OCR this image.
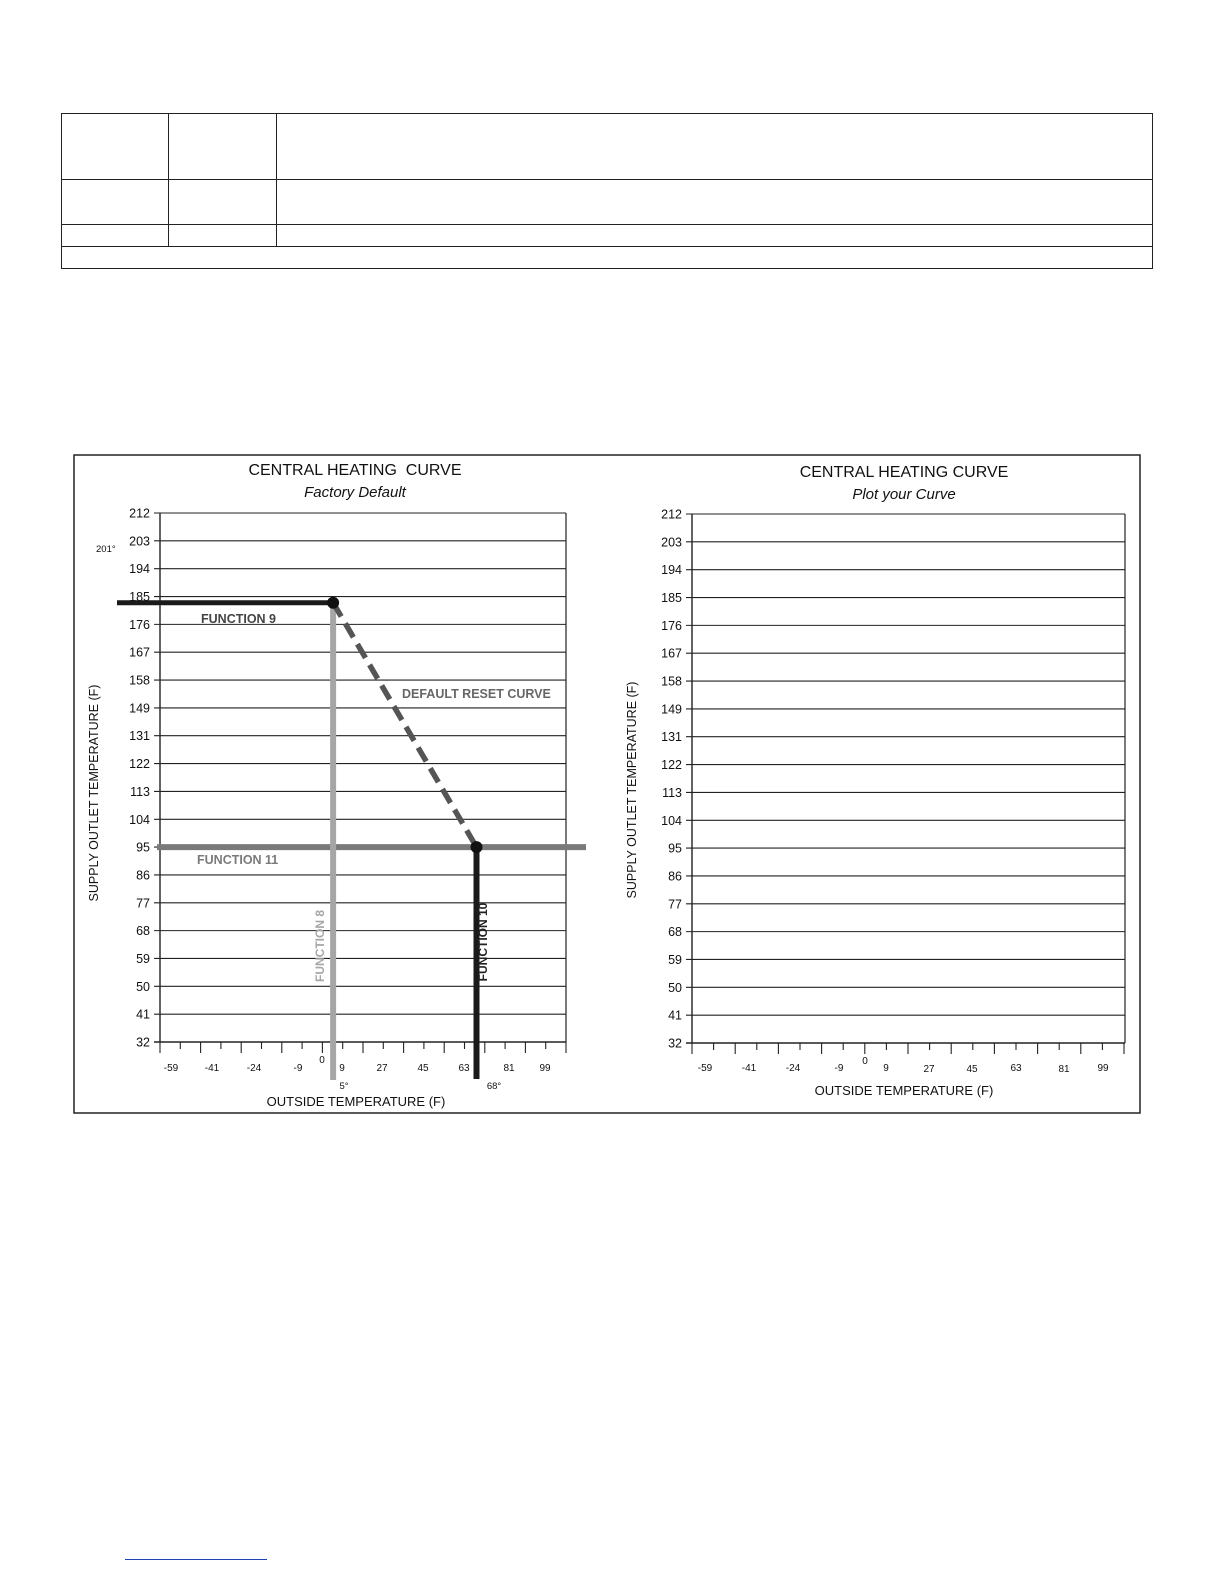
CENTRAL HEATING  CURVE
Factory Default
212
203
194
185
176
167
158
149
131
122
113
104
95
86
77
68
59
50
41
32
-59	-41	-24	-9
0
9	27	45	63	81 99
SUPPLY OUTLET TEMPERATURE (F)
OUTSIDE TEMPERATURE (F)
FUNCTION 9
FUNCTION 11
DEFAULT RESET CURVE
FUNCTION 8	FUNCTION 10
201°
5°	68°
CENTRAL HEATING CURVE
Plot your Curve
212
203
194
185
176
167
158
149
131
122
113
104
95
86
77
68
59
50
41
32
-59	-41	-24	-9
0
9	27	45	63	81	99
SUPPLY OUTLET TEMPERATURE (F)
OUTSIDE TEMPERATURE (F)
